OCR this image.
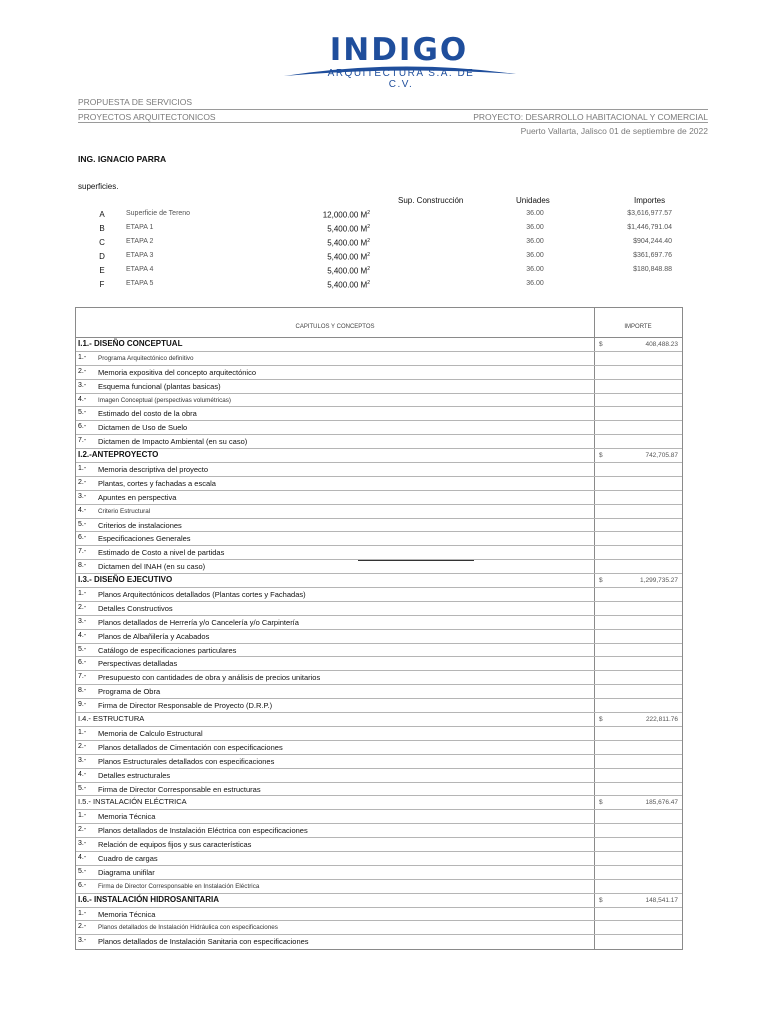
INDIGO
ARQUITECTURA S.A. DE C.V.
PROPUESTA DE SERVICIOS
PROYECTOS ARQUITECTONICOS	PROYECTO: DESARROLLO HABITACIONAL Y COMERCIAL
Puerto Vallarta, Jalisco 01 de septiembre de 2022
ING. IGNACIO PARRA
superficies.
Sup. Construcción	Unidades	Importes
A	Superficie de Tereno	12,000.00 $M^2$	36.00	$3,616,977.57
B	ETAPA 1	5,400.00 $M^2$	36.00	$1,446,791.04
C	ETAPA 2	5,400.00 $M^2$	36.00	$904,244.40
D	ETAPA 3	5,400.00 $M^2$	36.00	$361,697.76
E	ETAPA 4	5,400.00 $M^2$	36.00	$180,848.88
F	ETAPA 5	5,400.00 $M^2$	36.00
CAPITULOS Y CONCEPTOS	IMPORTE
I.1.- DISEÑO CONCEPTUAL	$	408,488.23
1.- Programa Arquitectónico definitivo
2.- Memoria expositiva del concepto arquitectónico
3.- Esquema funcional (plantas basicas)
4.- Imagen Conceptual (perspectivas volumétricas)
5.- Estimado del costo de la obra
6.- Dictamen de Uso de Suelo
7.- Dictamen de Impacto Ambiental (en su caso)
I.2.-ANTEPROYECTO	$	742,705.87
1.- Memoria descriptiva del proyecto
2.- Plantas, cortes y fachadas a escala
3.- Apuntes en perspectiva
4.- Criterio Estructural
5.- Criterios de instalaciones
6.- Especificaciones Generales
7.- Estimado de Costo a nivel de partidas
8.- Dictamen del INAH (en su caso)
I.3.- DISEÑO EJECUTIVO	$	1,299,735.27
1.- Planos Arquitectónicos detallados (Plantas cortes y Fachadas)
2.- Detalles Constructivos
3.- Planos detallados de Herrería y/o Cancelería y/o Carpintería
4.- Planos de Albañilería y Acabados
5.- Catálogo de especificaciones particulares
6.- Perspectivas detalladas
7.- Presupuesto con cantidades de obra y análisis de precios unitarios
8.- Programa de Obra
9.- Firma de Director Responsable de Proyecto (D.R.P.)
I.4.- ESTRUCTURA	$	222,811.76
1.- Memoria de Calculo Estructural
2.- Planos detallados de Cimentación con especificaciones
3.- Planos Estructurales detallados con especificaciones
4.- Detalles estructurales
5.- Firma de Director Corresponsable en estructuras
I.5.- INSTALACIÓN ELÉCTRICA	$	185,676.47
1.- Memoria Técnica
2.- Planos detallados de Instalación Eléctrica con especificaciones
3.- Relación de equipos fijos y sus características
4.- Cuadro de cargas
5.- Diagrama unifilar
6.- Firma de Director Corresponsable en Instalación Eléctrica
I.6.- INSTALACIÓN HIDROSANITARIA	$	148,541.17
1.- Memoria Técnica
2.- Planos detallados de Instalación Hidráulica con especificaciones
3.- Planos detallados de Instalación Sanitaria con especificaciones
